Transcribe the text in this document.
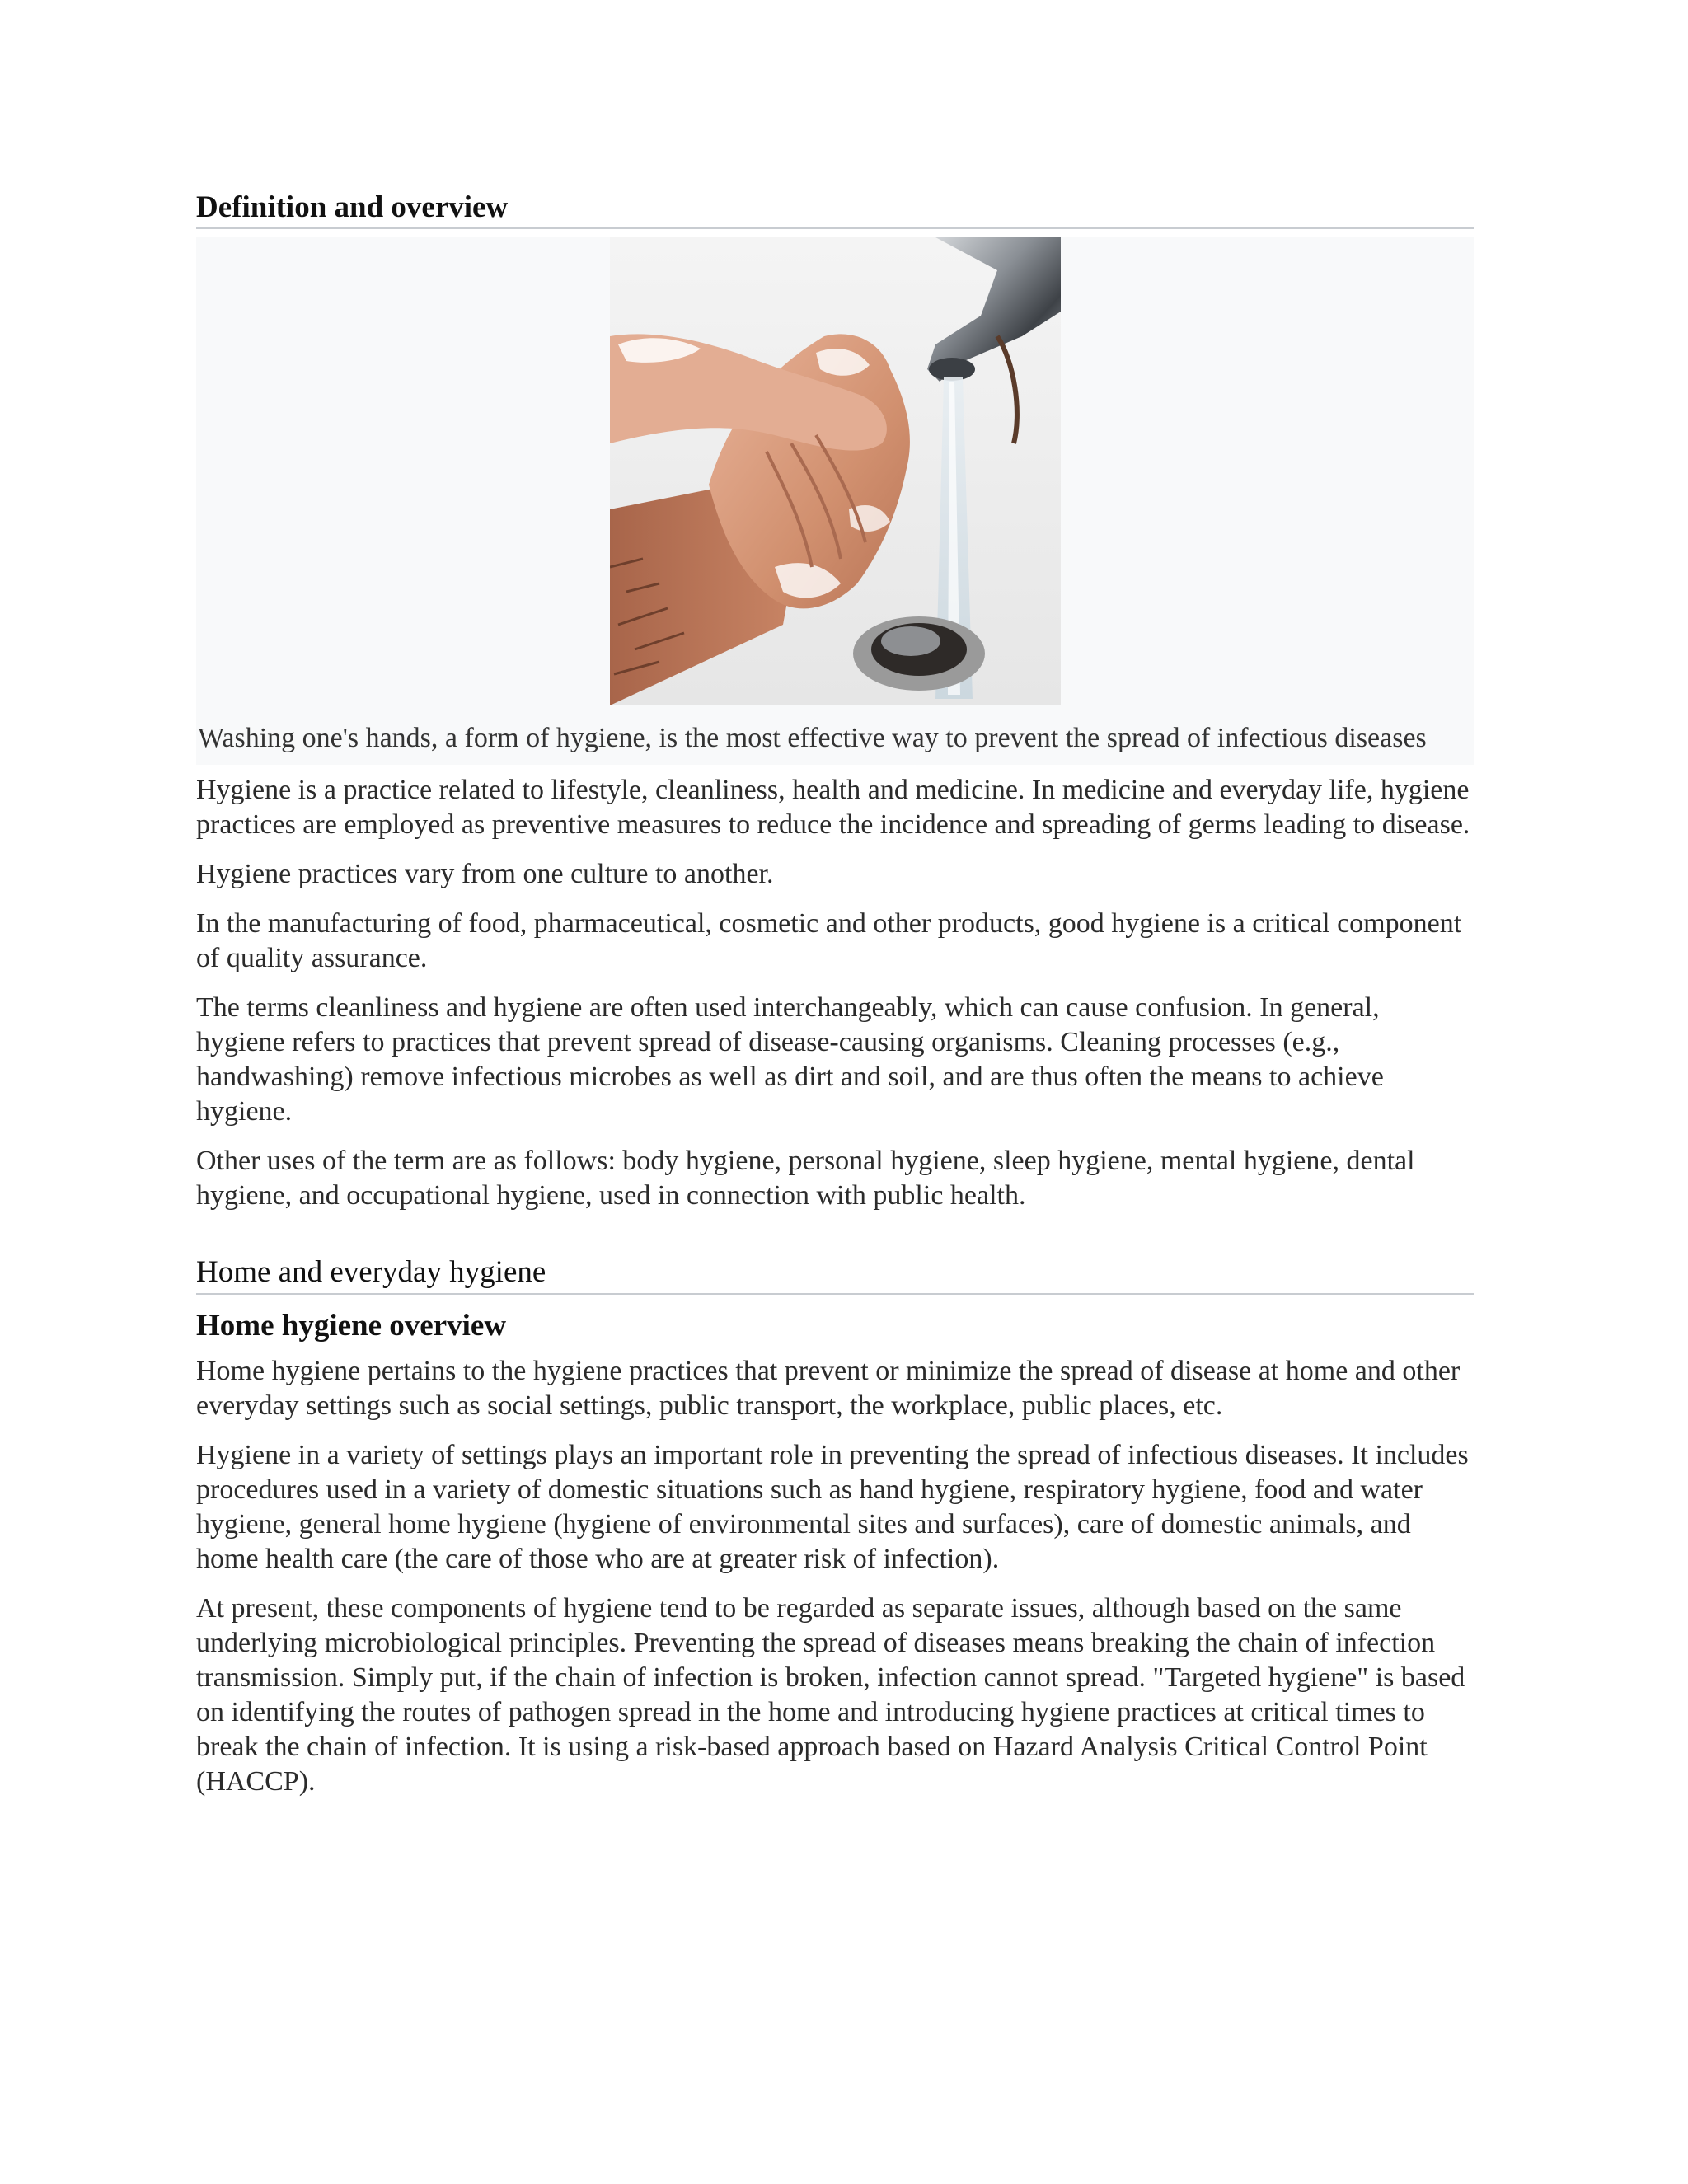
Definition and overview
Washing one's hands, a form of hygiene, is the most effective way to prevent the spread of infectious diseases

Hygiene is a practice related to lifestyle, cleanliness, health and medicine. In medicine and everyday life, hygiene practices are employed as preventive measures to reduce the incidence and spreading of germs leading to disease.

Hygiene practices vary from one culture to another.

In the manufacturing of food, pharmaceutical, cosmetic and other products, good hygiene is a critical component of quality assurance.

The terms cleanliness and hygiene are often used interchangeably, which can cause confusion. In general, hygiene refers to practices that prevent spread of disease-causing organisms. Cleaning processes (e.g., handwashing) remove infectious microbes as well as dirt and soil, and are thus often the means to achieve hygiene.

Other uses of the term are as follows: body hygiene, personal hygiene, sleep hygiene, mental hygiene, dental hygiene, and occupational hygiene, used in connection with public health.

Home and everyday hygiene
Home hygiene overview

Home hygiene pertains to the hygiene practices that prevent or minimize the spread of disease at home and other everyday settings such as social settings, public transport, the workplace, public places, etc.

Hygiene in a variety of settings plays an important role in preventing the spread of infectious diseases. It includes procedures used in a variety of domestic situations such as hand hygiene, respiratory hygiene, food and water hygiene, general home hygiene (hygiene of environmental sites and surfaces), care of domestic animals, and home health care (the care of those who are at greater risk of infection).

At present, these components of hygiene tend to be regarded as separate issues, although based on the same underlying microbiological principles. Preventing the spread of diseases means breaking the chain of infection transmission. Simply put, if the chain of infection is broken, infection cannot spread. "Targeted hygiene" is based on identifying the routes of pathogen spread in the home and introducing hygiene practices at critical times to break the chain of infection. It is using a risk-based approach based on Hazard Analysis Critical Control Point (HACCP).
